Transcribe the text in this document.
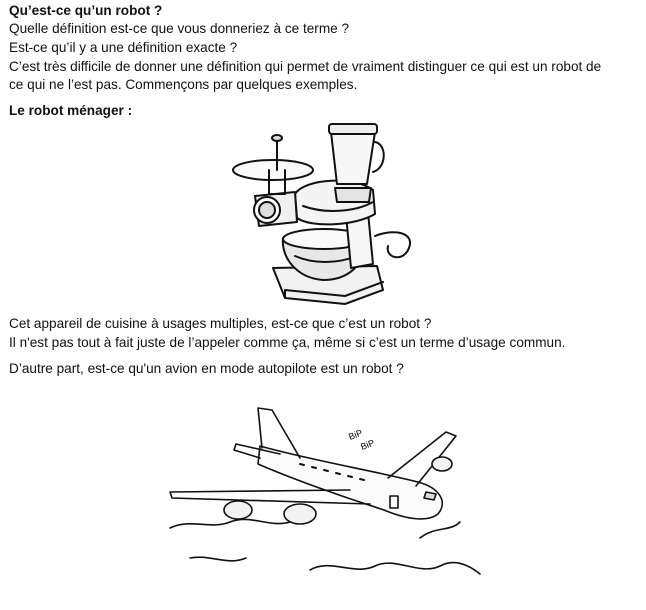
Qu’est-ce qu’un robot ?
Quelle définition est-ce que vous donneriez à ce terme ?
Est-ce qu’il y a une définition exacte ?
C’est très difficile de donner une définition qui permet de vraiment distinguer ce qui est un robot de
ce qui ne l’est pas. Commençons par quelques exemples.
Le robot ménager :
Cet appareil de cuisine à usages multiples, est-ce que c’est un robot ?
Il n'est pas tout à fait juste de l’appeler comme ça, même si c’est un terme d’usage commun.
D’autre part, est-ce qu'un avion en mode autopilote est un robot ?
BiP
BiP
